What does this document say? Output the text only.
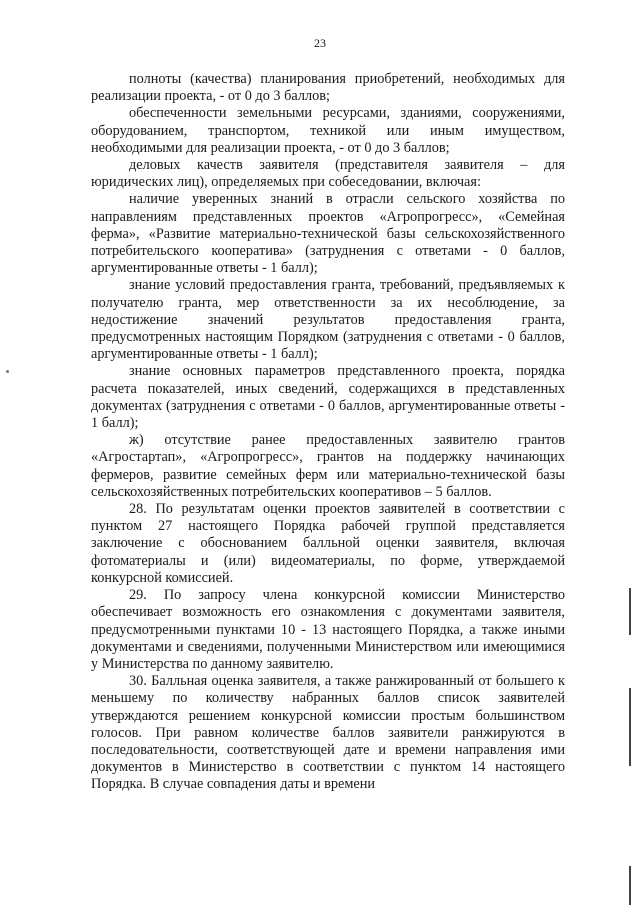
23

полноты (качества) планирования приобретений, необходимых для реализации проекта, - от 0 до 3 баллов;

обеспеченности земельными ресурсами, зданиями, сооружениями, оборудованием, транспортом, техникой или иным имуществом, необходимыми для реализации проекта, - от 0 до 3 баллов;

деловых качеств заявителя (представителя заявителя – для юридических лиц), определяемых при собеседовании, включая:

наличие уверенных знаний в отрасли сельского хозяйства по направлениям представленных проектов «Агропрогресс», «Семейная ферма», «Развитие материально-технической базы сельскохозяйственного потребительского кооператива» (затруднения с ответами - 0 баллов, аргументированные ответы - 1 балл);

знание условий предоставления гранта, требований, предъявляемых к получателю гранта, мер ответственности за их несоблюдение, за недостижение значений результатов предоставления гранта, предусмотренных настоящим Порядком (затруднения с ответами - 0 баллов, аргументированные ответы - 1 балл);

знание основных параметров представленного проекта, порядка расчета показателей, иных сведений, содержащихся в представленных документах (затруднения с ответами - 0 баллов, аргументированные ответы - 1 балл);

ж) отсутствие ранее предоставленных заявителю грантов «Агростартап», «Агропрогресс», грантов на поддержку начинающих фермеров, развитие семейных ферм или материально-технической базы сельскохозяйственных потребительских кооперативов – 5 баллов.

28. По результатам оценки проектов заявителей в соответствии с пунктом 27 настоящего Порядка рабочей группой представляется заключение с обоснованием балльной оценки заявителя, включая фотоматериалы и (или) видеоматериалы, по форме, утверждаемой конкурсной комиссией.

29. По запросу члена конкурсной комиссии Министерство обеспечивает возможность его ознакомления с документами заявителя, предусмотренными пунктами 10 - 13 настоящего Порядка, а также иными документами и сведениями, полученными Министерством или имеющимися у Министерства по данному заявителю.

30. Балльная оценка заявителя, а также ранжированный от большего к меньшему по количеству набранных баллов список заявителей утверждаются решением конкурсной комиссии простым большинством голосов. При равном количестве баллов заявители ранжируются в последовательности, соответствующей дате и времени направления ими документов в Министерство в соответствии с пунктом 14 настоящего Порядка. В случае совпадения даты и времени
